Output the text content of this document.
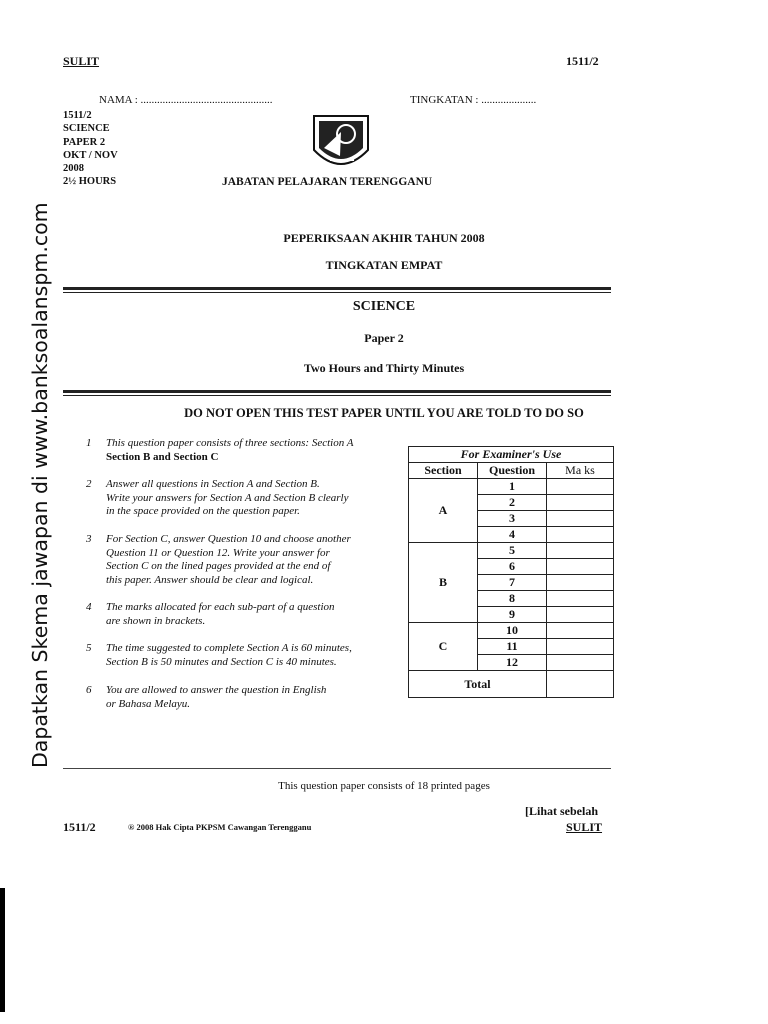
Dapatkan Skema jawapan di www.banksoalanspm.com
SULIT	1511/2
NAMA : ................................................	TINGKATAN : ....................
1511/2
SCIENCE
PAPER 2
OKT / NOV
2008
2½ HOURS	JABATAN PELAJARAN TERENGGANU
PEPERIKSAAN AKHIR TAHUN 2008
TINGKATAN EMPAT
SCIENCE
Paper 2
Two Hours and Thirty Minutes
DO NOT OPEN THIS TEST PAPER UNTIL YOU ARE TOLD TO DO SO
1 This question paper consists of three sections: Section A
Section B and Section C
2 Answer all questions in Section A and Section B.
Write your answers for Section A and Section B clearly
in the space provided on the question paper.
3 For Section C, answer Question 10 and choose another
Question 11 or Question 12. Write your answer for
Section C on the lined pages provided at the end of
this paper. Answer should be clear and logical.
4 The marks allocated for each sub-part of a question
are shown in brackets.
5 The time suggested to complete Section A is 60 minutes,
Section B is 50 minutes and Section C is 40 minutes.
6 You are allowed to answer the question in English
or Bahasa Melayu.
For Examiner's Use		
Section	Question	Ma ks
A	1	
	2	
	3	
	4	
B	5	
	6	
	7	
	8	
	9	
C	10	
	11	
	12	
Total		
This question paper consists of 18 printed pages
[Lihat sebelah
1511/2	® 2008 Hak Cipta PKPSM Cawangan Terengganu	SULIT
